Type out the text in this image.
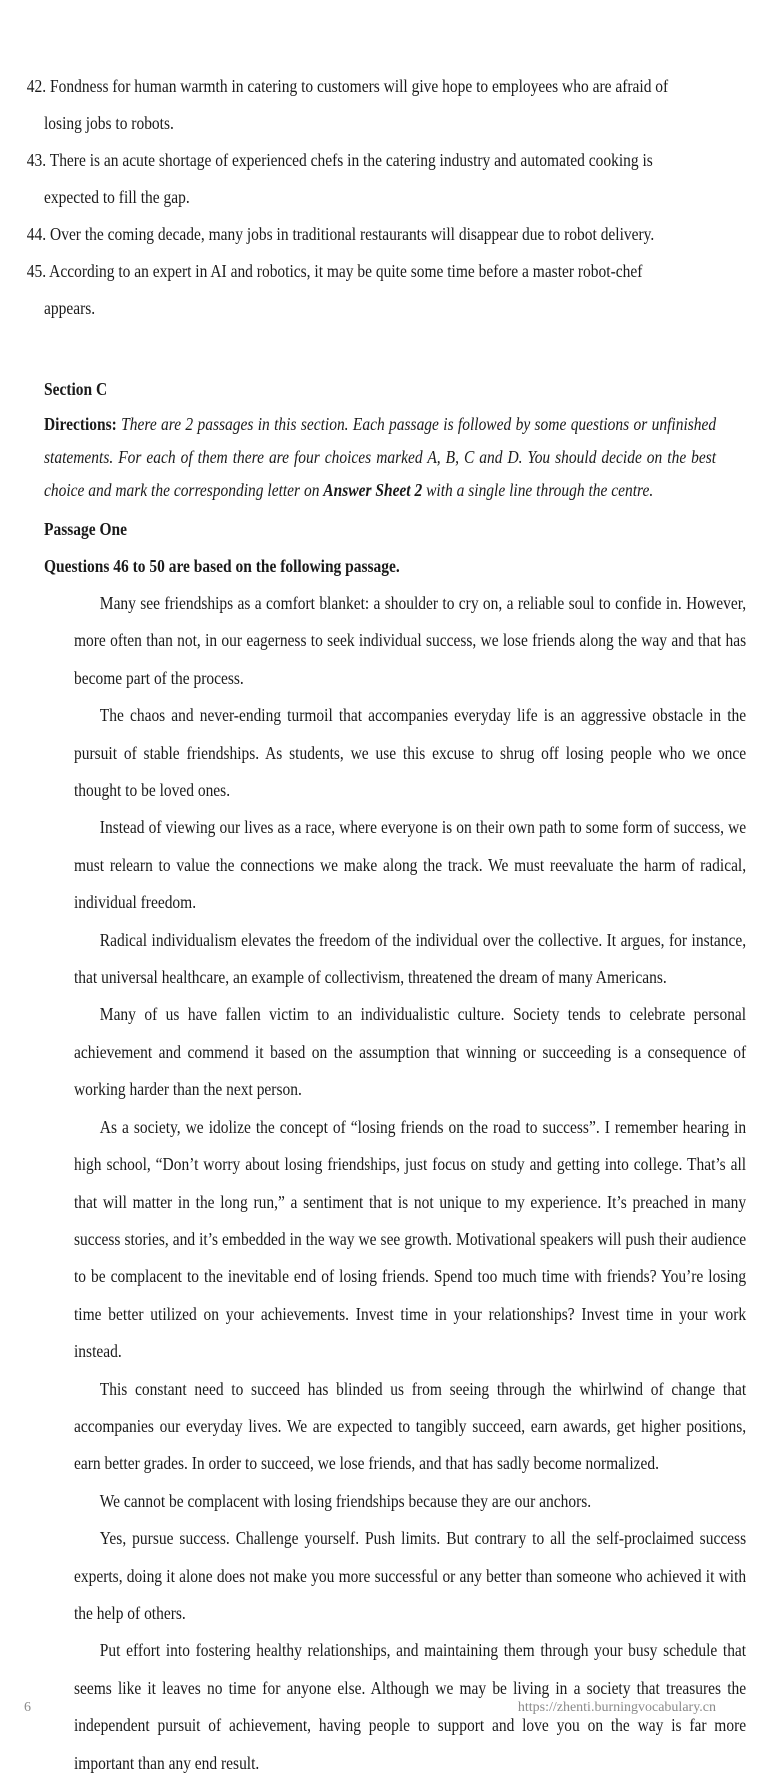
42. Fondness for human warmth in catering to customers will give hope to employees who are afraid of losing jobs to robots.

43. There is an acute shortage of experienced chefs in the catering industry and automated cooking is expected to fill the gap.

44. Over the coming decade, many jobs in traditional restaurants will disappear due to robot delivery.

45. According to an expert in AI and robotics, it may be quite some time before a master robot-chef appears.

Section C

Directions: There are 2 passages in this section. Each passage is followed by some questions or unfinished statements. For each of them there are four choices marked A, B, C and D. You should decide on the best choice and mark the corresponding letter on Answer Sheet 2 with a single line through the centre.

Passage One

Questions 46 to 50 are based on the following passage.

Many see friendships as a comfort blanket: a shoulder to cry on, a reliable soul to confide in. However, more often than not, in our eagerness to seek individual success, we lose friends along the way and that has become part of the process.

The chaos and never-ending turmoil that accompanies everyday life is an aggressive obstacle in the pursuit of stable friendships. As students, we use this excuse to shrug off losing people who we once thought to be loved ones.

Instead of viewing our lives as a race, where everyone is on their own path to some form of success, we must relearn to value the connections we make along the track. We must reevaluate the harm of radical, individual freedom.

Radical individualism elevates the freedom of the individual over the collective. It argues, for instance, that universal healthcare, an example of collectivism, threatened the dream of many Americans.

Many of us have fallen victim to an individualistic culture. Society tends to celebrate personal achievement and commend it based on the assumption that winning or succeeding is a consequence of working harder than the next person.

As a society, we idolize the concept of “losing friends on the road to success”. I remember hearing in high school, “Don’t worry about losing friendships, just focus on study and getting into college. That’s all that will matter in the long run,” a sentiment that is not unique to my experience. It’s preached in many success stories, and it’s embedded in the way we see growth. Motivational speakers will push their audience to be complacent to the inevitable end of losing friends. Spend too much time with friends? You’re losing time better utilized on your achievements. Invest time in your relationships? Invest time in your work instead.

This constant need to succeed has blinded us from seeing through the whirlwind of change that accompanies our everyday lives. We are expected to tangibly succeed, earn awards, get higher positions, earn better grades. In order to succeed, we lose friends, and that has sadly become normalized.

We cannot be complacent with losing friendships because they are our anchors.

Yes, pursue success. Challenge yourself. Push limits. But contrary to all the self-proclaimed success experts, doing it alone does not make you more successful or any better than someone who achieved it with the help of others.

Put effort into fostering healthy relationships, and maintaining them through your busy schedule that seems like it leaves no time for anyone else. Although we may be living in a society that treasures the independent pursuit of achievement, having people to support and love you on the way is far more important than any end result.

6	https://zhenti.burningvocabulary.cn
